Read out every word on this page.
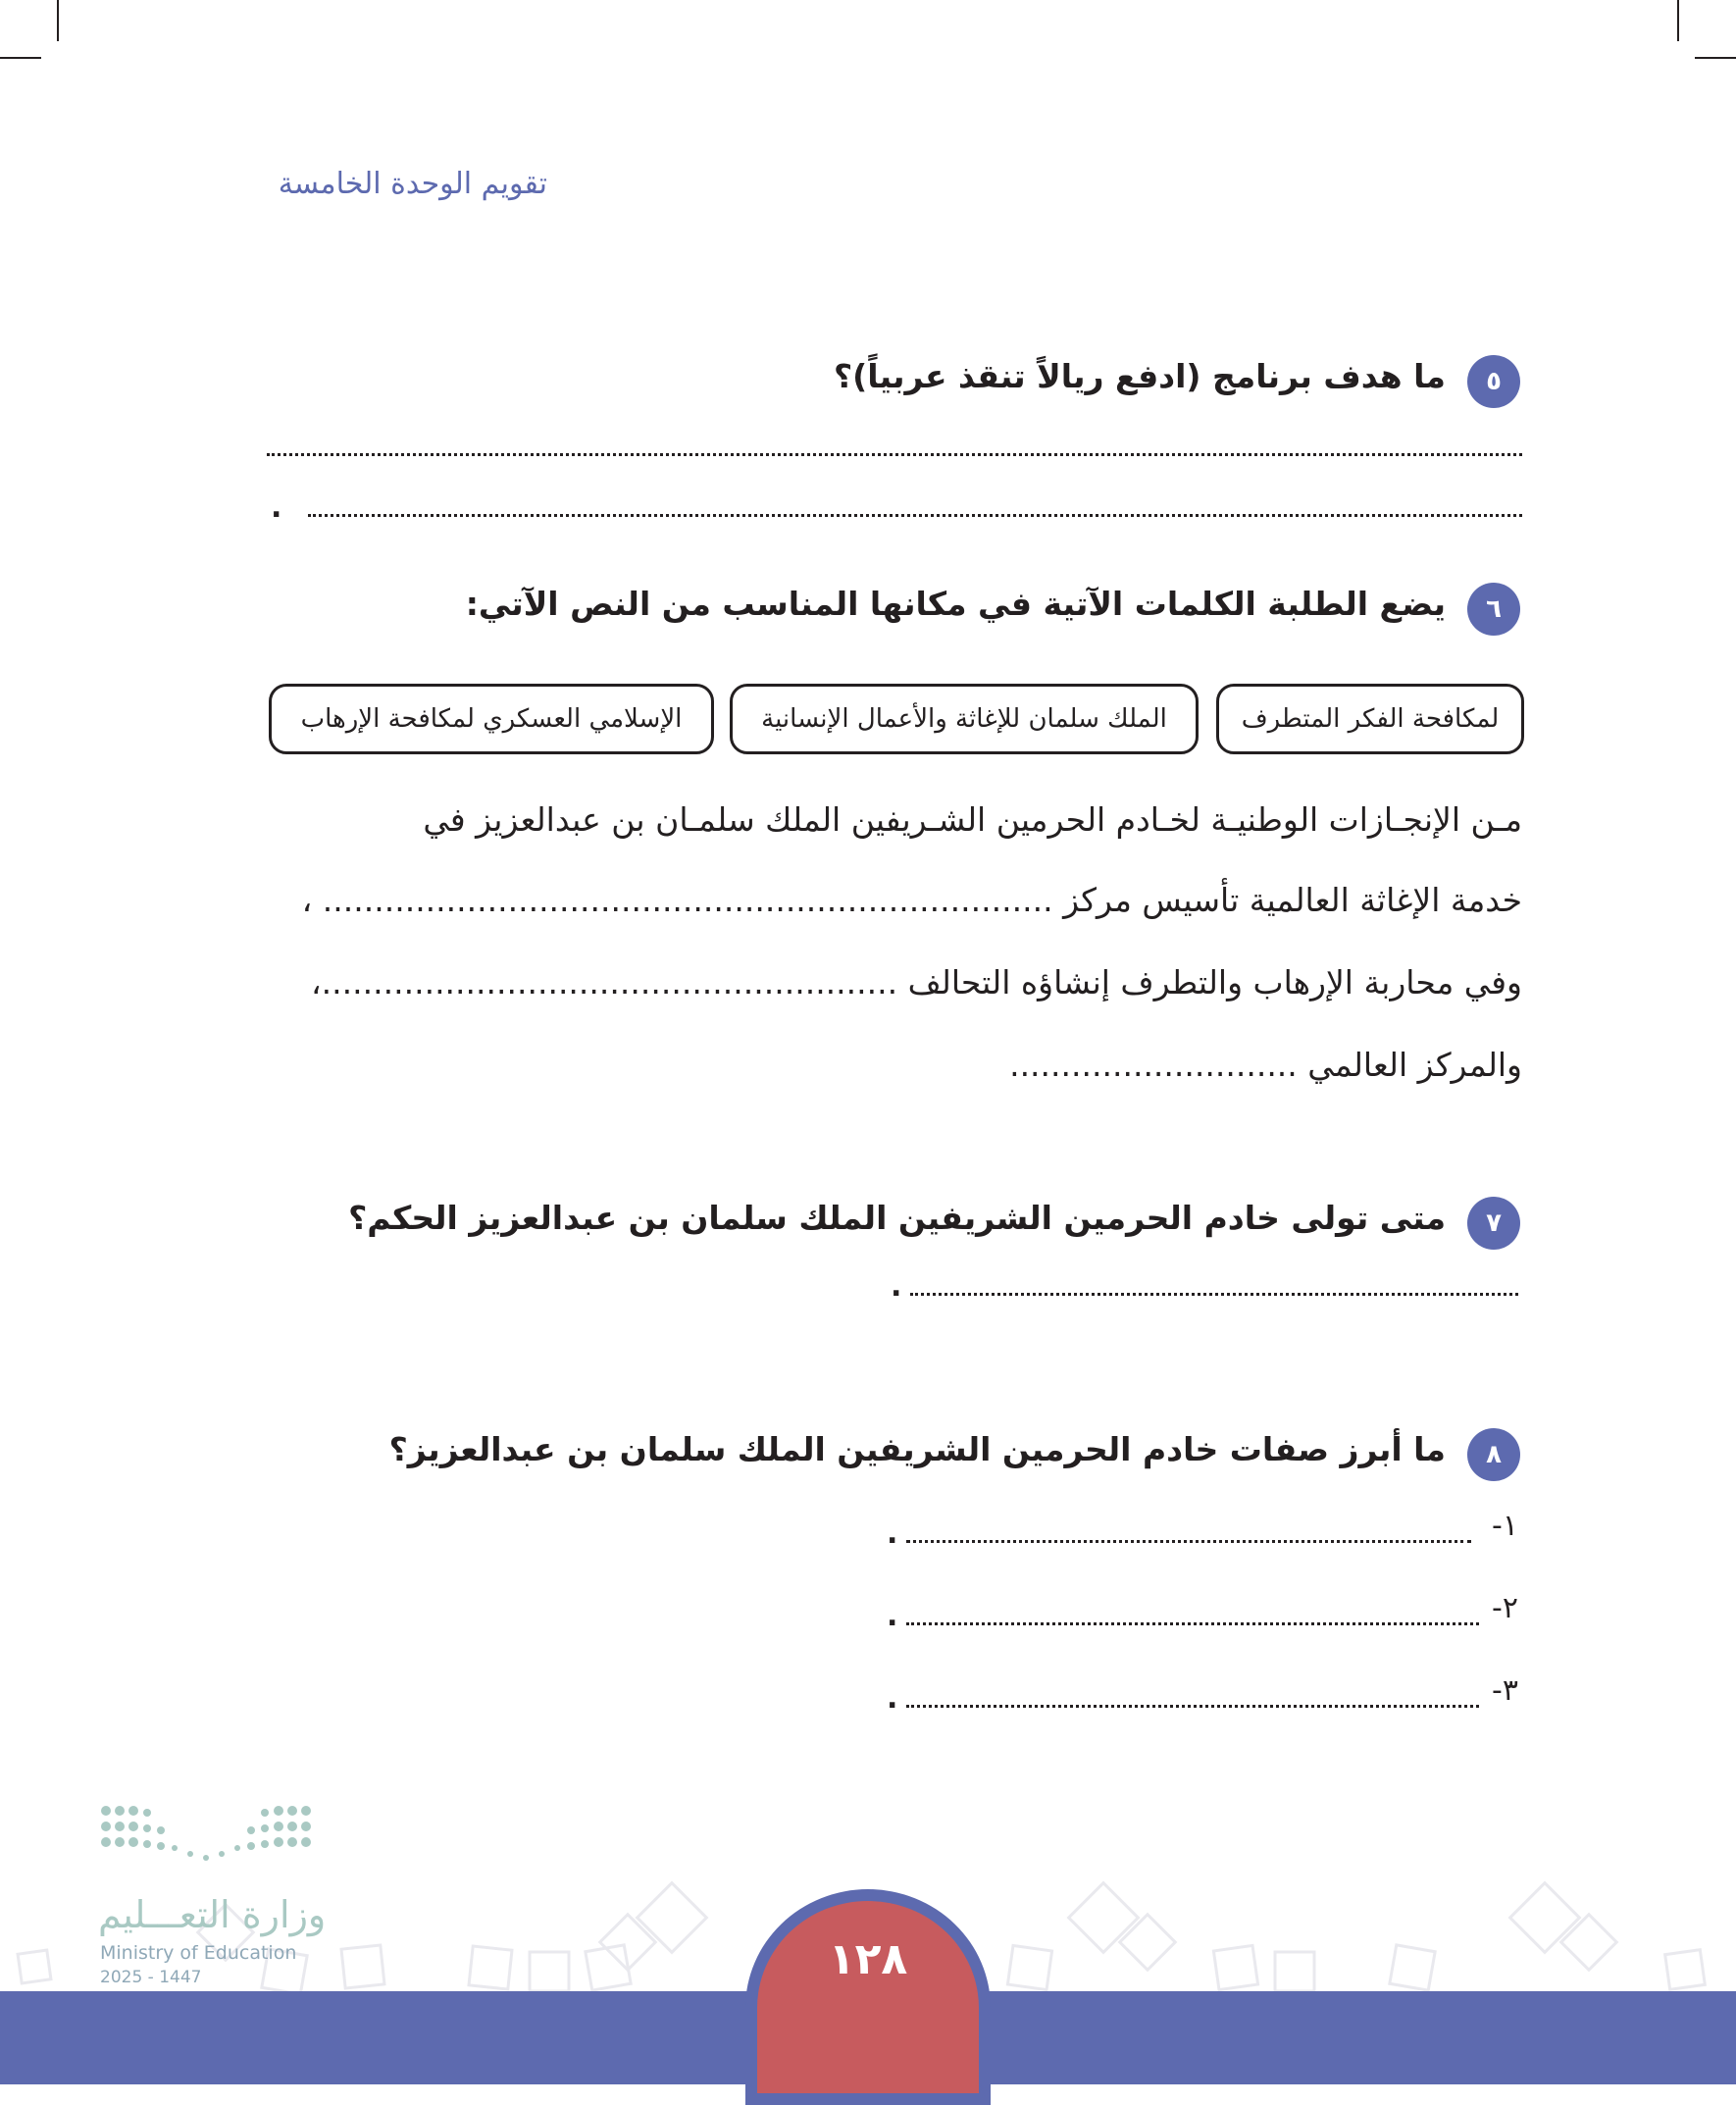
تقويم الوحدة الخامسة
٥
ما هدف برنامج (ادفع ريالاً تنقذ عربياً)؟
.
٦
يضع الطلبة الكلمات الآتية في مكانها المناسب من النص الآتي:
لمكافحة الفكر المتطرف
الملك سلمان للإغاثة والأعمال الإنسانية
الإسلامي العسكري لمكافحة الإرهاب
مـن الإنجـازات الوطنيـة لخـادم الحرمين الشـريفين الملك سلمـان بن عبدالعزيز في
خدمة الإغاثة العالمية تأسيس مركز ....................................................................... ،
وفي محاربة الإرهاب والتطرف إنشاؤه التحالف ........................................................،
والمركز العالمي ...........................‌.
٧
متى تولى خادم الحرمين الشريفين الملك سلمان بن عبدالعزيز الحكم؟
.
٨
ما أبرز صفات خادم الحرمين الشريفين الملك سلمان بن عبدالعزيز؟
١-
.
٢-
.
٣-
.
وزارة التعـــليم
Ministry of Education
2025 - 1447	١٢٨
